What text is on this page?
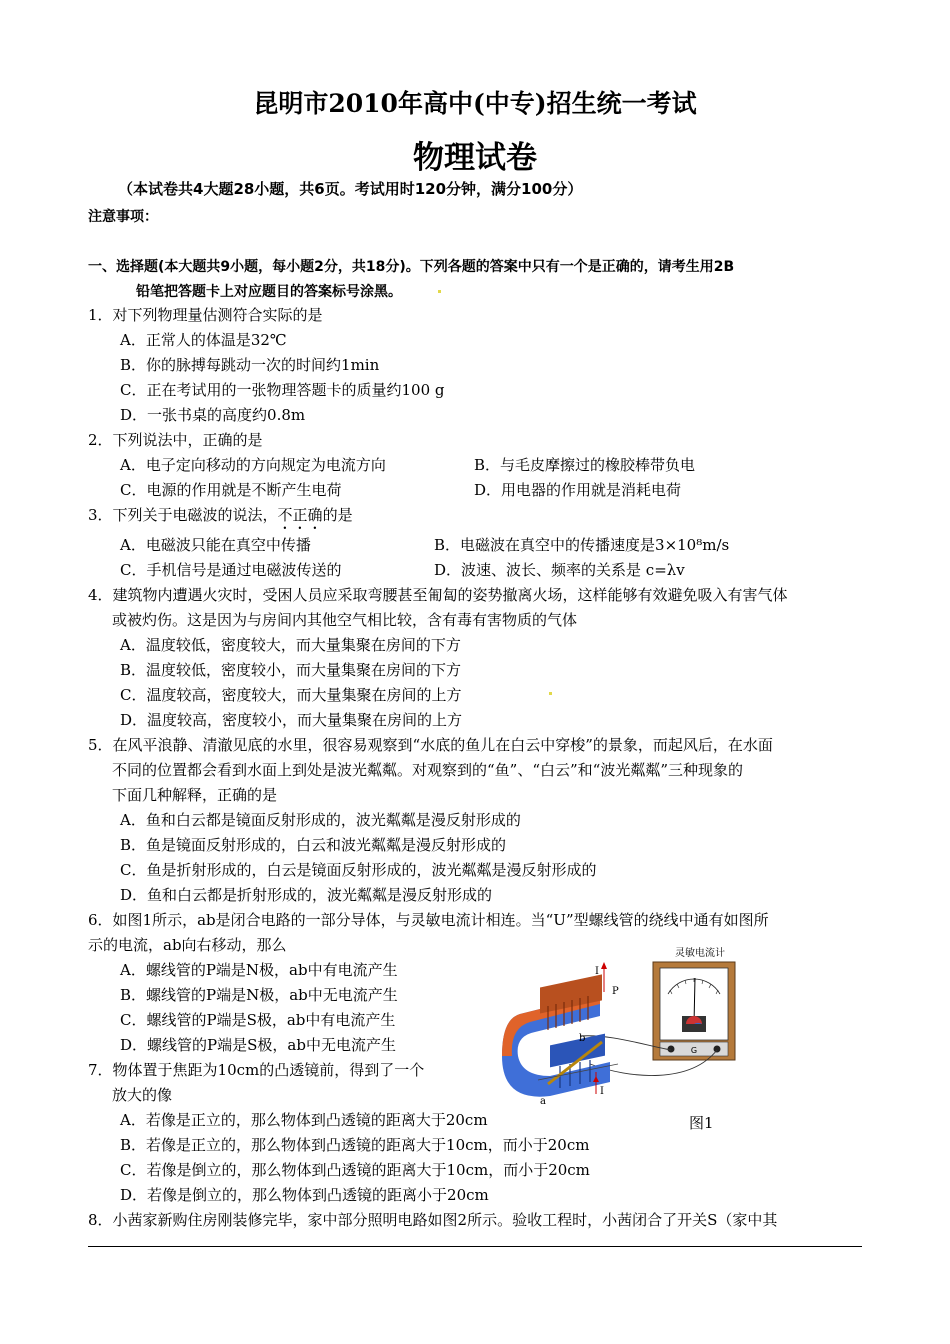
昆明市2010年高中(中专)招生统一考试
物理试卷
（本试卷共4大题28小题，共6页。考试用时120分钟，满分100分）
注意事项：
一、选择题(本大题共9小题，每小题2分，共18分)。下列各题的答案中只有一个是正确的，请考生用2B
铅笔把答题卡上对应题目的答案标号涂黑。
1．对下列物理量估测符合实际的是
A．正常人的体温是32℃
B．你的脉搏每跳动一次的时间约1min
C．正在考试用的一张物理答题卡的质量约100 g
D．一张书桌的高度约0.8m
2．下列说法中，正确的是
A．电子定向移动的方向规定为电流方向	B．与毛皮摩擦过的橡胶棒带负电
C．电源的作用就是不断产生电荷	D．用电器的作用就是消耗电荷
3．下列关于电磁波的说法，不正确的是
A．电磁波只能在真空中传播	B．电磁波在真空中的传播速度是3×10⁸m/s
C．手机信号是通过电磁波传送的	D．波速、波长、频率的关系是 c=λv
4．建筑物内遭遇火灾时，受困人员应采取弯腰甚至匍匐的姿势撤离火场，这样能够有效避免吸入有害气体
或被灼伤。这是因为与房间内其他空气相比较，含有毒有害物质的气体
A．温度较低，密度较大，而大量集聚在房间的下方
B．温度较低，密度较小，而大量集聚在房间的下方
C．温度较高，密度较大，而大量集聚在房间的上方
D．温度较高，密度较小，而大量集聚在房间的上方
5．在风平浪静、清澈见底的水里，很容易观察到“水底的鱼儿在白云中穿梭”的景象，而起风后，在水面
不同的位置都会看到水面上到处是波光粼粼。对观察到的“鱼”、“白云”和“波光粼粼”三种现象的
下面几种解释，正确的是
A．鱼和白云都是镜面反射形成的，波光粼粼是漫反射形成的
B．鱼是镜面反射形成的，白云和波光粼粼是漫反射形成的
C．鱼是折射形成的，白云是镜面反射形成的，波光粼粼是漫反射形成的
D．鱼和白云都是折射形成的，波光粼粼是漫反射形成的
6．如图1所示，ab是闭合电路的一部分导体，与灵敏电流计相连。当“U”型螺线管的绕线中通有如图所
示的电流，ab向右移动，那么
A．螺线管的P端是N极，ab中有电流产生
B．螺线管的P端是N极，ab中无电流产生
C．螺线管的P端是S极，ab中有电流产生
D．螺线管的P端是S极，ab中无电流产生
7．物体置于焦距为10cm的凸透镜前，得到了一个
放大的像
A．若像是正立的，那么物体到凸透镜的距离大于20cm
B．若像是正立的，那么物体到凸透镜的距离大于10cm，而小于20cm
C．若像是倒立的，那么物体到凸透镜的距离大于10cm，而小于20cm
D．若像是倒立的，那么物体到凸透镜的距离小于20cm
8．小茜家新购住房刚装修完毕，家中部分照明电路如图2所示。验收工程时，小茜闭合了开关S（家中其
灵敏电流计
G
I
P
b
a
I
图1
